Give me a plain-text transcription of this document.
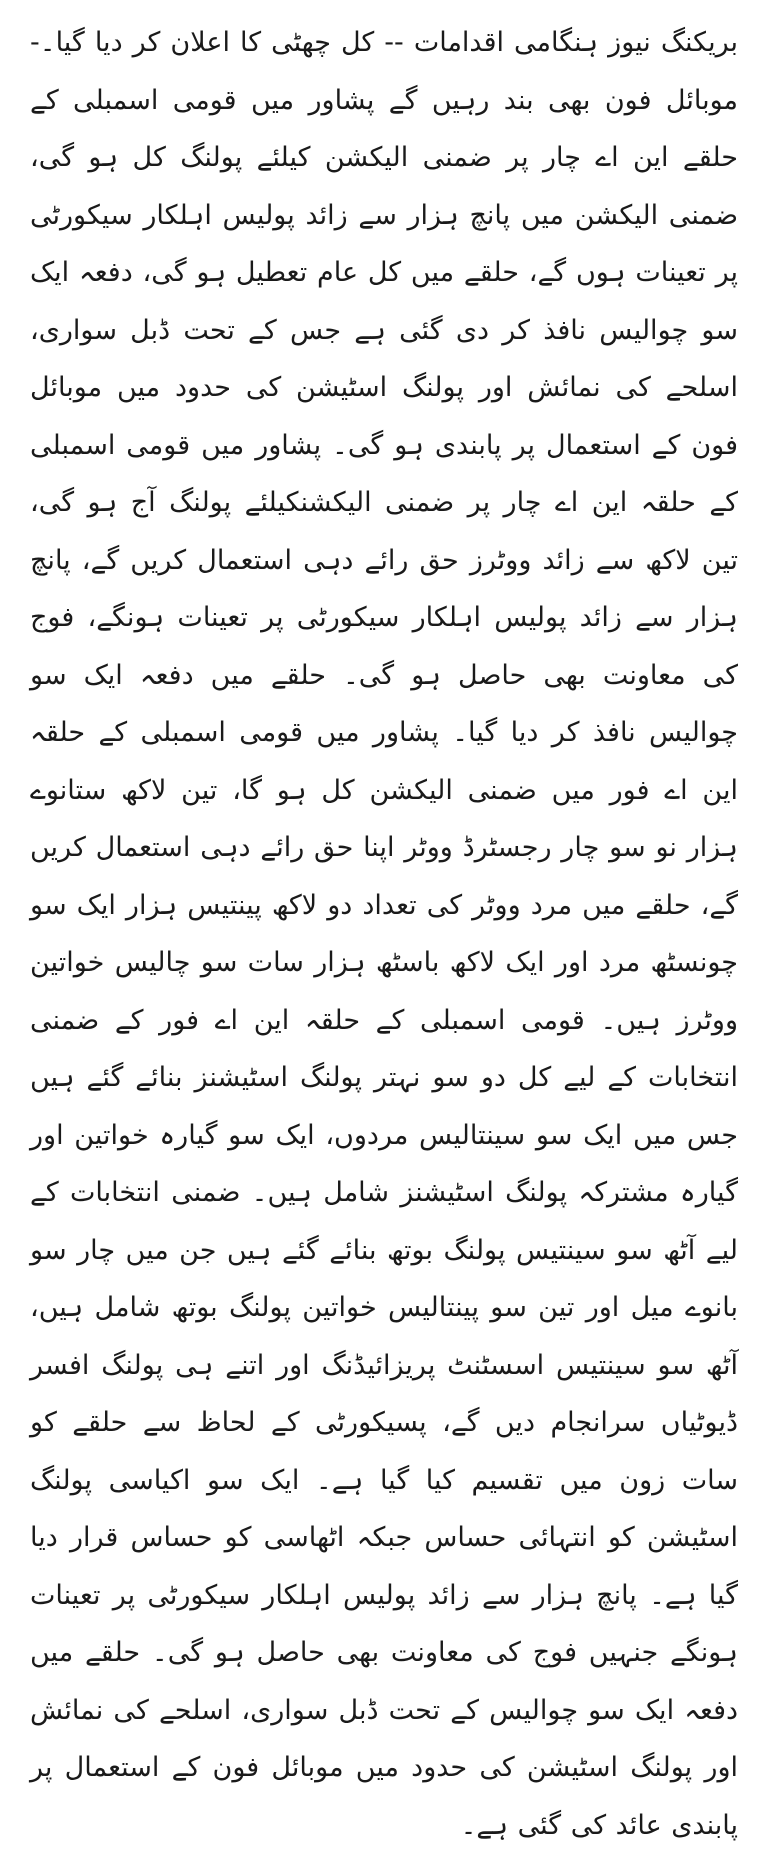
بریکنگ نیوز ہنگامی اقدامات -- کل چھٹی کا اعلان کر دیا گیا۔- موبائل فون بھی بند رہیں گے پشاور میں قومی اسمبلی کے حلقے این اے چار پر ضمنی الیکشن کیلئے پولنگ کل ہو گی، ضمنی الیکشن میں پانچ ہزار سے زائد پولیس اہلکار سیکورٹی پر تعینات ہوں گے، حلقے میں کل عام تعطیل ہو گی، دفعہ ایک سو چوالیس نافذ کر دی گئی ہے جس کے تحت ڈبل سواری، اسلحے کی نمائش اور پولنگ اسٹیشن کی حدود میں موبائل فون کے استعمال پر پابندی ہو گی۔ پشاور میں قومی اسمبلی کے حلقہ این اے چار پر ضمنی الیکشنکیلئے پولنگ آج ہو گی، تین لاکھ سے زائد ووٹرز حق رائے دہی استعمال کریں گے، پانچ ہزار سے زائد پولیس اہلکار سیکورٹی پر تعینات ہونگے، فوج کی معاونت بھی حاصل ہو گی۔ حلقے میں دفعہ ایک سو چوالیس نافذ کر دیا گیا۔ پشاور میں قومی اسمبلی کے حلقہ این اے فور میں ضمنی الیکشن کل ہو گا، تین لاکھ ستانوے ہزار نو سو چار رجسٹرڈ ووٹر اپنا حق رائے دہی استعمال کریں گے، حلقے میں مرد ووٹر کی تعداد دو لاکھ پینتیس ہزار ایک سو چونسٹھ مرد اور ایک لاکھ باسٹھ ہزار سات سو چالیس خواتین ووٹرز ہیں۔ قومی اسمبلی کے حلقہ این اے فور کے ضمنی انتخابات کے لیے کل دو سو نہتر پولنگ اسٹیشنز بنائے گئے ہیں جس میں ایک سو سینتالیس مردوں، ایک سو گیارہ خواتین اور گیارہ مشترکہ پولنگ اسٹیشنز شامل ہیں۔ ضمنی انتخابات کے لیے آٹھ سو سینتیس پولنگ بوتھ بنائے گئے ہیں جن میں چار سو بانوے میل اور تین سو پینتالیس خواتین پولنگ بوتھ شامل ہیں، آٹھ سو سینتیس اسسٹنٹ پریزائیڈنگ اور اتنے ہی پولنگ افسر ڈیوٹیاں سرانجام دیں گے، پسیکورٹی کے لحاظ سے حلقے کو سات زون میں تقسیم کیا گیا ہے۔ ایک سو اکیاسی پولنگ اسٹیشن کو انتہائی حساس جبکہ اٹھاسی کو حساس قرار دیا گیا ہے۔ پانچ ہزار سے زائد پولیس اہلکار سیکورٹی پر تعینات ہونگے جنہیں فوج کی معاونت بھی حاصل ہو گی۔ حلقے میں دفعہ ایک سو چوالیس کے تحت ڈبل سواری، اسلحے کی نمائش اور پولنگ اسٹیشن کی حدود میں موبائل فون کے استعمال پر پابندی عائد کی گئی ہے۔
